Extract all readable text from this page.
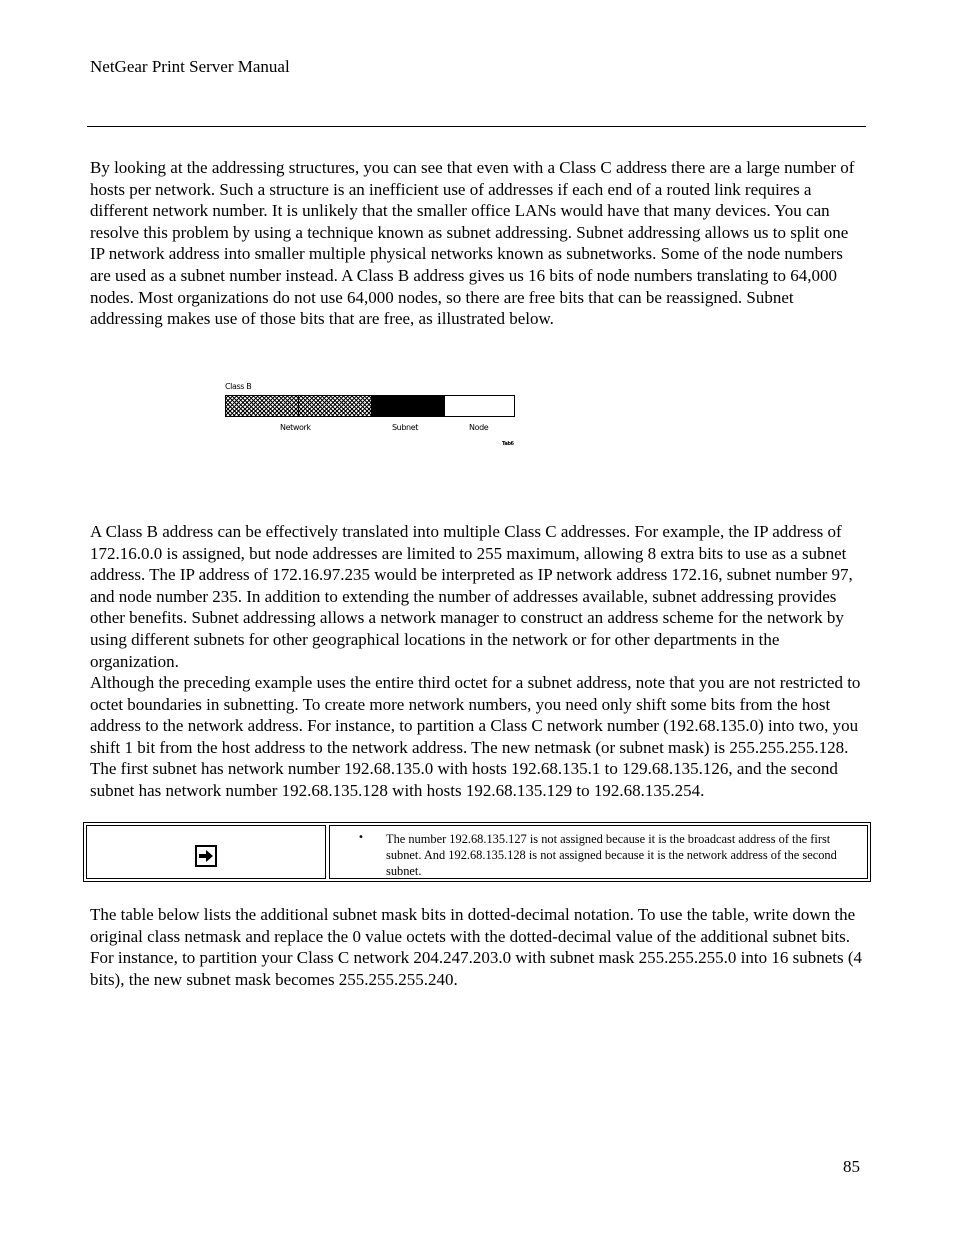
NetGear Print Server Manual

By looking at the addressing structures, you can see that even with a Class C address there are a large number of hosts per network. Such a structure is an inefficient use of addresses if each end of a routed link requires a different network number. It is unlikely that the smaller office LANs would have that many devices. You can resolve this problem by using a technique known as subnet addressing. Subnet addressing allows us to split one IP network address into smaller multiple physical networks known as subnetworks. Some of the node numbers are used as a subnet number instead. A Class B address gives us 16 bits of node numbers translating to 64,000 nodes. Most organizations do not use 64,000 nodes, so there are free bits that can be reassigned. Subnet addressing makes use of those bits that are free, as illustrated below.

Class B
Network	Subnet	Node
Tab6

A Class B address can be effectively translated into multiple Class C addresses. For example, the IP address of 172.16.0.0 is assigned, but node addresses are limited to 255 maximum, allowing 8 extra bits to use as a subnet address. The IP address of 172.16.97.235 would be interpreted as IP network address 172.16, subnet number 97, and node number 235. In addition to extending the number of addresses available, subnet addressing provides other benefits. Subnet addressing allows a network manager to construct an address scheme for the network by using different subnets for other geographical locations in the network or for other departments in the organization.

Although the preceding example uses the entire third octet for a subnet address, note that you are not restricted to octet boundaries in subnetting. To create more network numbers, you need only shift some bits from the host address to the network address. For instance, to partition a Class C network number (192.68.135.0) into two, you shift 1 bit from the host address to the network address. The new netmask (or subnet mask) is 255.255.255.128. The first subnet has network number 192.68.135.0 with hosts 192.68.135.1 to 129.68.135.126, and the second subnet has network number 192.68.135.128 with hosts 192.68.135.129 to 192.68.135.254.

• The number 192.68.135.127 is not assigned because it is the broadcast address of the first subnet. And 192.68.135.128 is not assigned because it is the network address of the second subnet.

The table below lists the additional subnet mask bits in dotted-decimal notation. To use the table, write down the original class netmask and replace the 0 value octets with the dotted-decimal value of the additional subnet bits. For instance, to partition your Class C network 204.247.203.0 with subnet mask 255.255.255.0 into 16 subnets (4 bits), the new subnet mask becomes 255.255.255.240.

85
